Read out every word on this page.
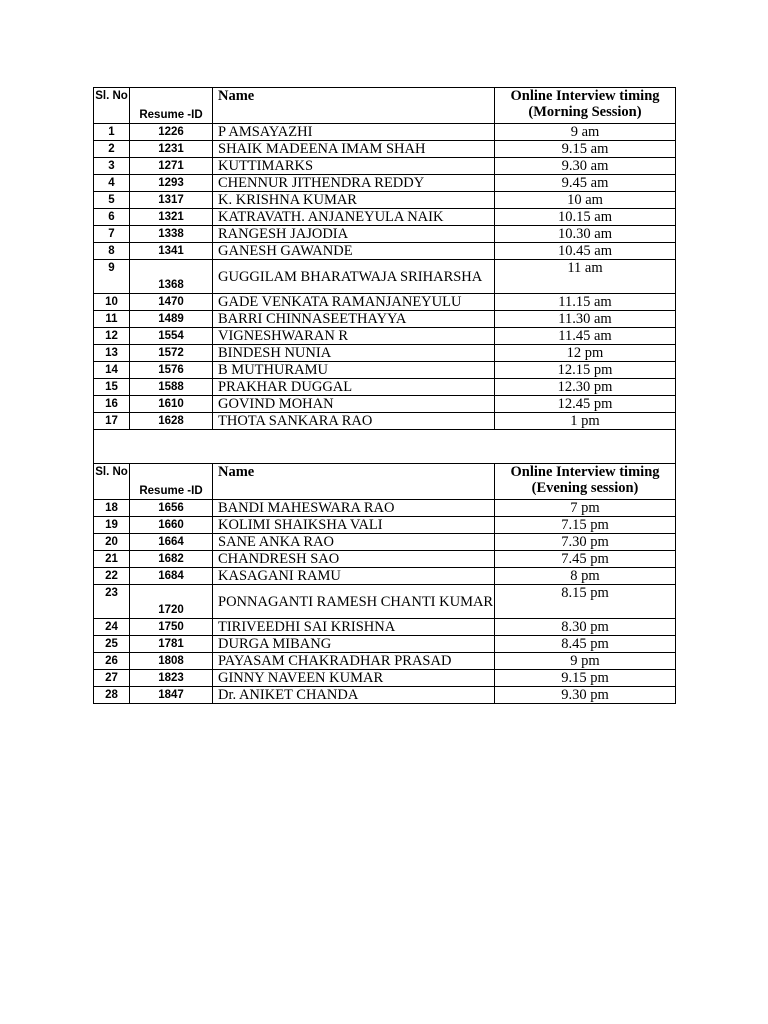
Sl. No	Resume -ID	Name	Online Interview timing
(Morning Session)

1	1226	P AMSAYAZHI	9 am
2	1231	SHAIK MADEENA IMAM SHAH	9.15 am
3	1271	KUTTIMARKS	9.30 am
4	1293	CHENNUR JITHENDRA REDDY	9.45 am
5	1317	K. KRISHNA KUMAR	10 am
6	1321	KATRAVATH. ANJANEYULA NAIK	10.15 am
7	1338	RANGESH JAJODIA	10.30 am
8	1341	GANESH GAWANDE	10.45 am
9	1368	GUGGILAM BHARATWAJA SRIHARSHA	11 am
10	1470	GADE VENKATA RAMANJANEYULU	11.15 am
11	1489	BARRI CHINNASEETHAYYA	11.30 am
12	1554	VIGNESHWARAN R	11.45 am
13	1572	BINDESH NUNIA	12 pm
14	1576	B MUTHURAMU	12.15 pm
15	1588	PRAKHAR DUGGAL	12.30 pm
16	1610	GOVIND MOHAN	12.45 pm
17	1628	THOTA SANKARA RAO	1 pm

Sl. No	Resume -ID	Name	Online Interview timing
(Evening session)

18	1656	BANDI MAHESWARA RAO	7 pm
19	1660	KOLIMI SHAIKSHA VALI	7.15 pm
20	1664	SANE ANKA RAO	7.30 pm
21	1682	CHANDRESH SAO	7.45 pm
22	1684	KASAGANI RAMU	8 pm
23	1720	PONNAGANTI RAMESH CHANTI KUMAR	8.15 pm
24	1750	TIRIVEEDHI SAI KRISHNA	8.30 pm
25	1781	DURGA MIBANG	8.45 pm
26	1808	PAYASAM CHAKRADHAR PRASAD	9 pm
27	1823	GINNY NAVEEN KUMAR	9.15 pm
28	1847	Dr. ANIKET CHANDA	9.30 pm
